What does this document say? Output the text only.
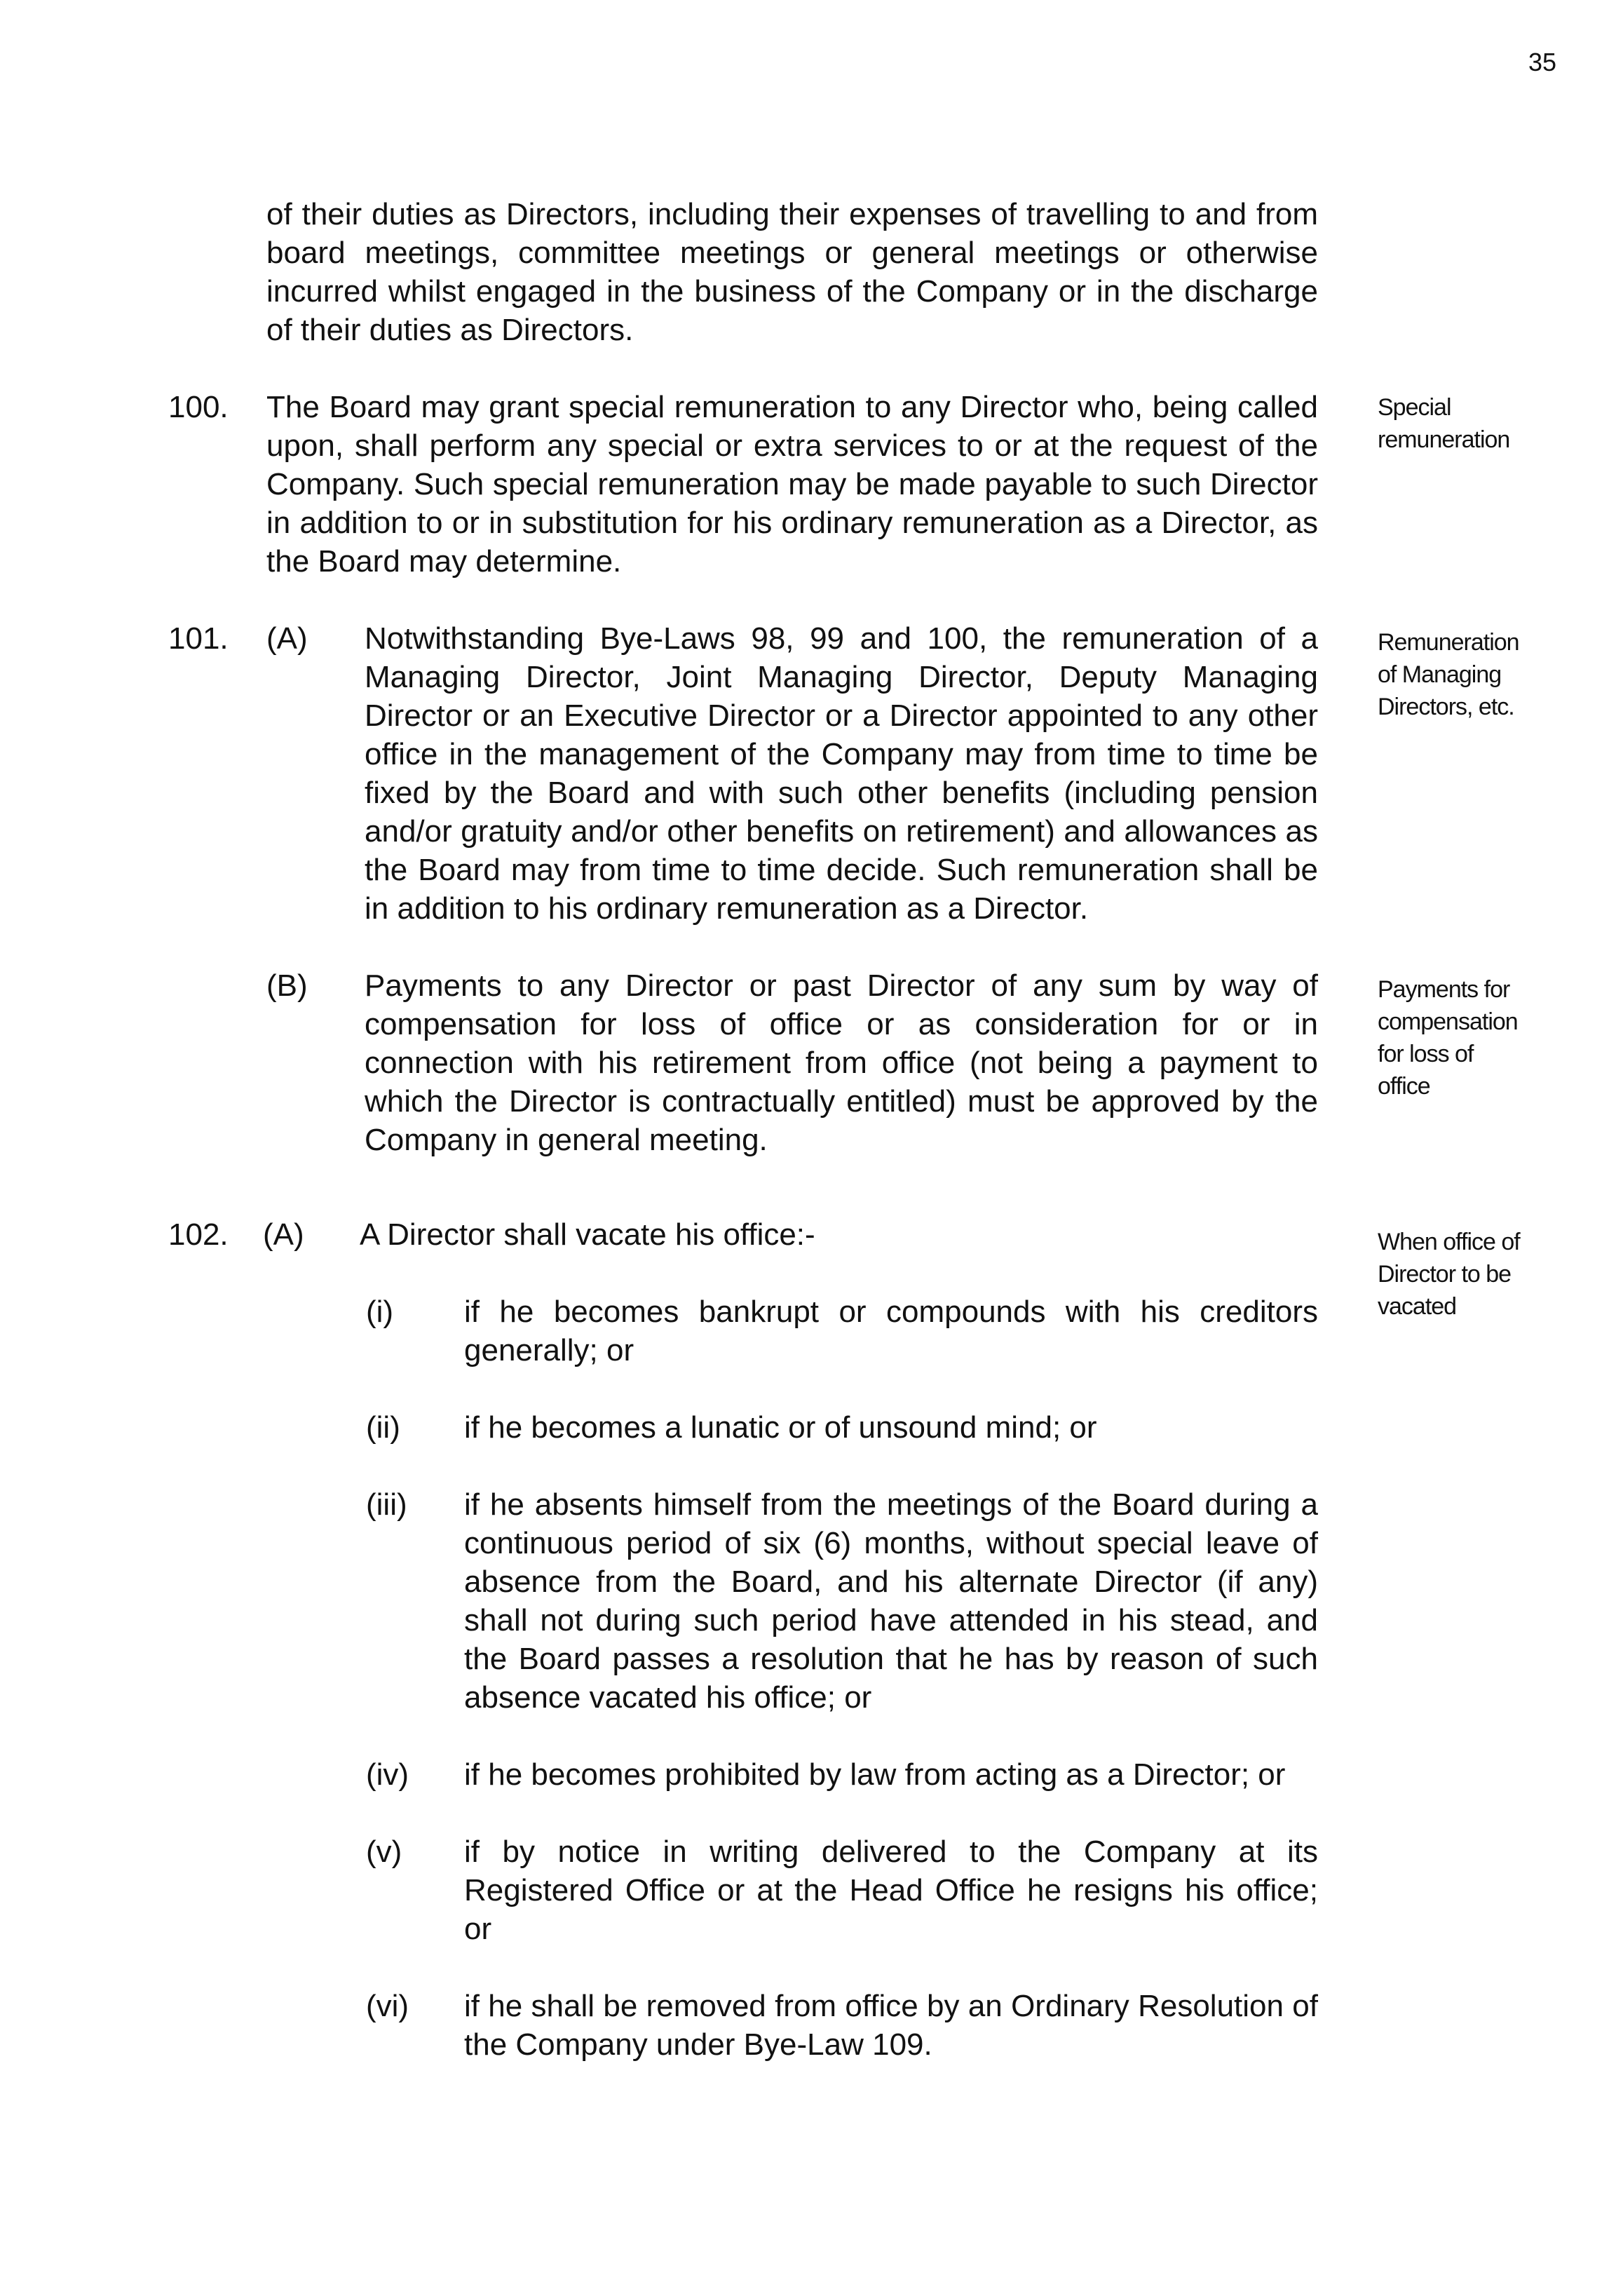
35
of their duties as Directors, including their expenses of travelling to and from board meetings, committee meetings or general meetings or otherwise incurred whilst engaged in the business of the Company or in the discharge of their duties as Directors.
100. The Board may grant special remuneration to any Director who, being called upon, shall perform any special or extra services to or at the request of the Company. Such special remuneration may be made payable to such Director in addition to or in substitution for his ordinary remuneration as a Director, as the Board may determine.
101. (A) Notwithstanding Bye-Laws 98, 99 and 100, the remuneration of a Managing Director, Joint Managing Director, Deputy Managing Director or an Executive Director or a Director appointed to any other office in the management of the Company may from time to time be fixed by the Board and with such other benefits (including pension and/or gratuity and/or other benefits on retirement) and allowances as the Board may from time to time decide. Such remuneration shall be in addition to his ordinary remuneration as a Director.
(B) Payments to any Director or past Director of any sum by way of compensation for loss of office or as consideration for or in connection with his retirement from office (not being a payment to which the Director is contractually entitled) must be approved by the Company in general meeting.
102. (A) A Director shall vacate his office:-
(i) if he becomes bankrupt or compounds with his creditors generally; or
(ii) if he becomes a lunatic or of unsound mind; or
(iii) if he absents himself from the meetings of the Board during a continuous period of six (6) months, without special leave of absence from the Board, and his alternate Director (if any) shall not during such period have attended in his stead, and the Board passes a resolution that he has by reason of such absence vacated his office; or
(iv) if he becomes prohibited by law from acting as a Director; or
(v) if by notice in writing delivered to the Company at its Registered Office or at the Head Office he resigns his office; or
(vi) if he shall be removed from office by an Ordinary Resolution of the Company under Bye-Law 109.
Special remuneration
Remuneration of Managing Directors, etc.
Payments for compensation for loss of office
When office of Director to be vacated
